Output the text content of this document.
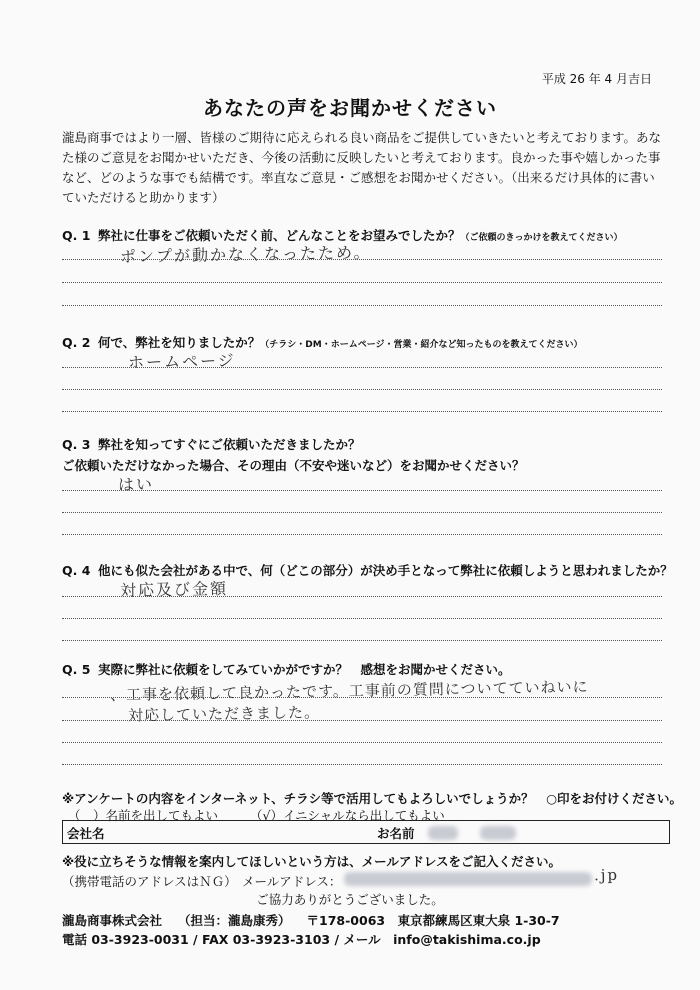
平成 26 年 4 月吉日
あなたの声をお聞かせください
瀧島商事ではより一層、皆様のご期待に応えられる良い商品をご提供していきたいと考えております。あなた様のご意見をお聞かせいただき、今後の活動に反映したいと考えております。良かった事や嬉しかった事など、どのような事でも結構です。率直なご意見・ご感想をお聞かせください。（出来るだけ具体的に書いていただけると助かります）
Q. 1 弊社に仕事をご依頼いただく前、どんなことをお望みでしたか？（ご依頼のきっかけを教えてください）
ポンプが動かなくなったため。
Q. 2 何で、弊社を知りましたか？（チラシ・DM・ホームページ・営業・紹介など知ったものを教えてください）
ホームページ
Q. 3 弊社を知ってすぐにご依頼いただきましたか？
ご依頼いただけなかった場合、その理由（不安や迷いなど）をお聞かせください？
はい
Q. 4 他にも似た会社がある中で、何（どこの部分）が決め手となって弊社に依頼しようと思われましたか？
対応及び金額
Q. 5 実際に弊社に依頼をしてみていかがですか？　感想をお聞かせください。
、工事を依頼して良かったです。工事前の質問についてていねいに
対応していただきました。
※アンケートの内容をインターネット、チラシ等で活用してもよろしいでしょうか？　○印をお付けください。
（　）名前を出してもよい	（√）イニシャルなら出してもよい
会社名	お名前
※役に立ちそうな情報を案内してほしいという方は、メールアドレスをご記入ください。
（携帯電話のアドレスはＮＧ） メールアドレス：	.jp
ご協力ありがとうございました。
瀧島商事株式会社 （担当：瀧島康秀） 〒178-0063　東京都練馬区東大泉 1-30-7
電話 03-3923-0031 / FAX 03-3923-3103 / メール　info@takishima.co.jp
